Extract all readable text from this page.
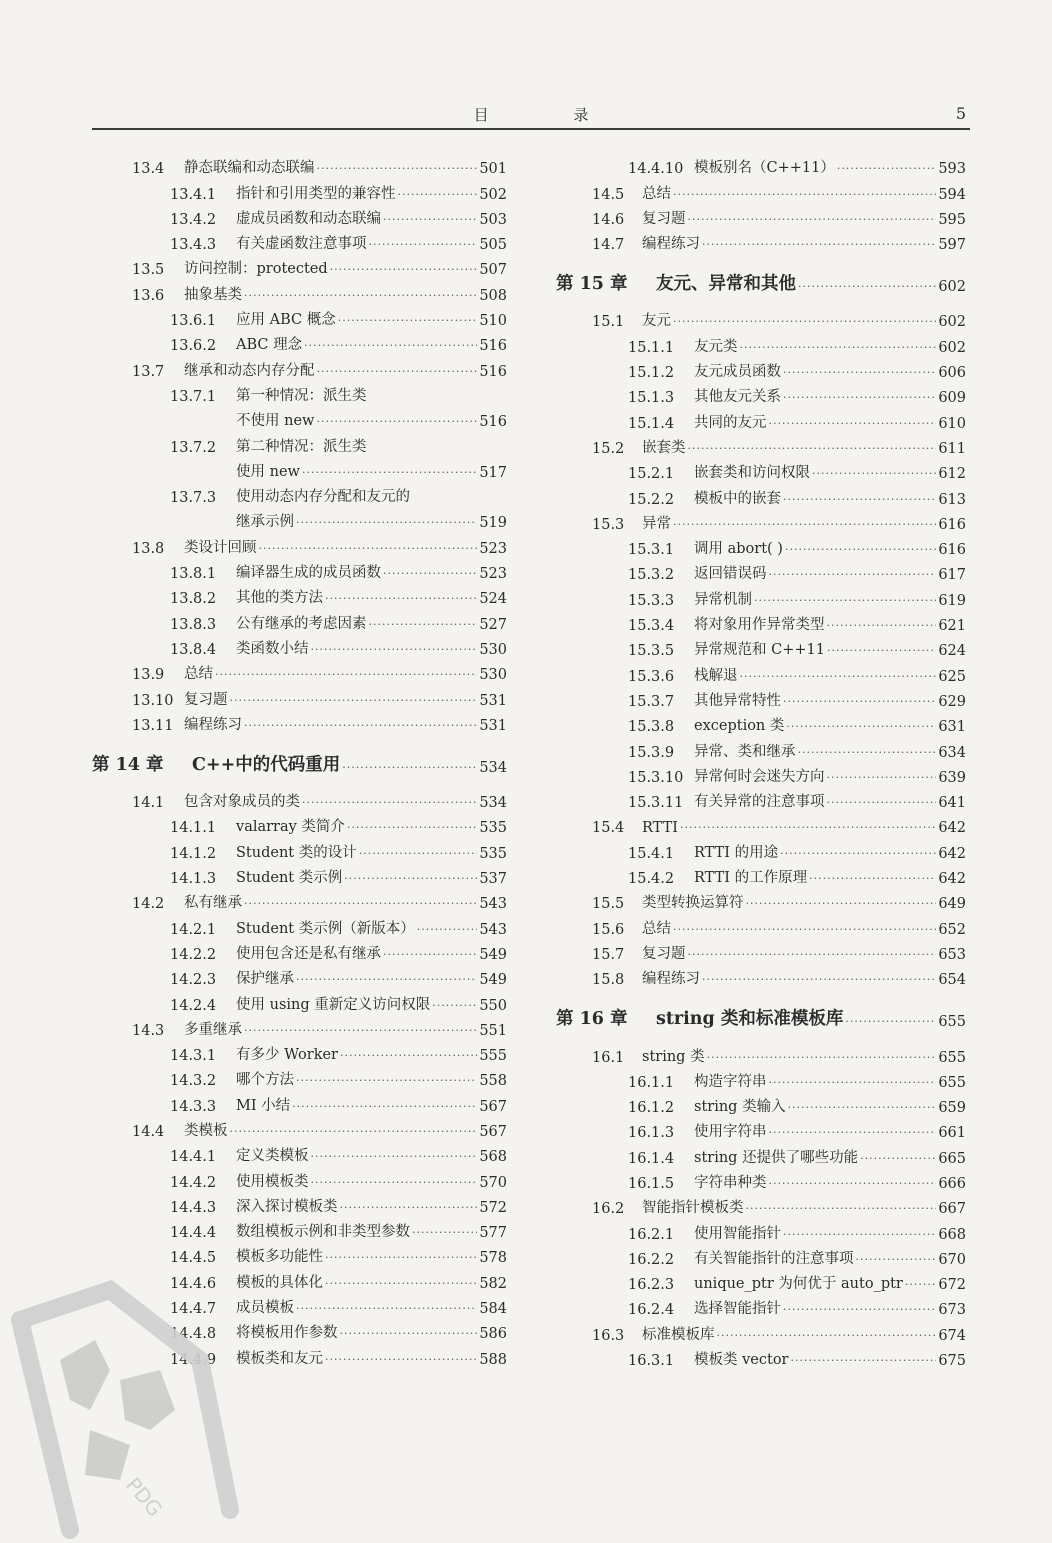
目 录	5
13.4	静态联编和动态联编 ·····	501
13.4.1	指针和引用类型的兼容性 ·····	502
13.4.2	虚成员函数和动态联编 ·····	503
13.4.3	有关虚函数注意事项 ·····	505
13.5	访问控制：protected ·····	507
13.6	抽象基类 ·····	508
13.6.1	应用 ABC 概念 ·····	510
13.6.2	ABC 理念 ·····	516
13.7	继承和动态内存分配 ·····	516
13.7.1	第一种情况：派生类
不使用 new ·····	516
13.7.2	第二种情况：派生类
使用 new ·····	517
13.7.3	使用动态内存分配和友元的
继承示例 ·····	519
13.8	类设计回顾 ·····	523
13.8.1	编译器生成的成员函数 ·····	523
13.8.2	其他的类方法 ·····	524
13.8.3	公有继承的考虑因素 ·····	527
13.8.4	类函数小结 ·····	530
13.9	总结 ·····	530
13.10 复习题 ·····	531
13.11 编程练习 ·····	531
第 14 章	C++中的代码重用 ·····	534
14.1	包含对象成员的类 ·····	534
14.1.1	valarray 类简介 ·····	535
14.1.2	Student 类的设计 ·····	535
14.1.3	Student 类示例 ·····	537
14.2	私有继承 ·····	543
14.2.1	Student 类示例（新版本） ·····	543
14.2.2	使用包含还是私有继承 ·····	549
14.2.3	保护继承 ·····	549
14.2.4	使用 using 重新定义访问权限 ·····	550
14.3	多重继承 ·····	551
14.3.1	有多少 Worker ·····	555
14.3.2	哪个方法 ·····	558
14.3.3	MI 小结 ·····	567
14.4	类模板 ·····	567
14.4.1	定义类模板 ·····	568
14.4.2	使用模板类 ·····	570
14.4.3	深入探讨模板类 ·····	572
14.4.4	数组模板示例和非类型参数 ·····	577
14.4.5	模板多功能性 ·····	578
14.4.6	模板的具体化 ·····	582
14.4.7	成员模板 ·····	584
14.4.8	将模板用作参数 ·····	586
14.4.9	模板类和友元 ·····	588
14.4.10 模板别名（C++11） ·····	593
14.5	总结 ·····	594
14.6	复习题 ·····	595
14.7	编程练习 ·····	597
第 15 章	友元、异常和其他 ·····	602
15.1	友元 ·····	602
15.1.1	友元类 ·····	602
15.1.2	友元成员函数 ·····	606
15.1.3	其他友元关系 ·····	609
15.1.4	共同的友元 ·····	610
15.2	嵌套类 ·····	611
15.2.1	嵌套类和访问权限 ·····	612
15.2.2	模板中的嵌套 ·····	613
15.3	异常 ·····	616
15.3.1	调用 abort( ) ·····	616
15.3.2	返回错误码 ·····	617
15.3.3	异常机制 ·····	619
15.3.4	将对象用作异常类型 ·····	621
15.3.5	异常规范和 C++11 ·····	624
15.3.6	栈解退 ·····	625
15.3.7	其他异常特性 ·····	629
15.3.8	exception 类 ·····	631
15.3.9	异常、类和继承 ·····	634
15.3.10 异常何时会迷失方向 ·····	639
15.3.11 有关异常的注意事项 ·····	641
15.4	RTTI ·····	642
15.4.1	RTTI 的用途 ·····	642
15.4.2	RTTI 的工作原理 ·····	642
15.5	类型转换运算符 ·····	649
15.6	总结 ·····	652
15.7	复习题 ·····	653
15.8	编程练习 ·····	654
第 16 章	string 类和标准模板库 ·····	655
16.1	string 类 ·····	655
16.1.1	构造字符串 ·····	655
16.1.2	string 类输入 ·····	659
16.1.3	使用字符串 ·····	661
16.1.4	string 还提供了哪些功能 ·····	665
16.1.5	字符串种类 ·····	666
16.2	智能指针模板类 ·····	667
16.2.1	使用智能指针 ·····	668
16.2.2	有关智能指针的注意事项 ·····	670
16.2.3	unique_ptr 为何优于 auto_ptr ····· 672
16.2.4	选择智能指针 ·····	673
16.3	标准模板库 ·····	674
16.3.1	模板类 vector ·····	675
PDG
